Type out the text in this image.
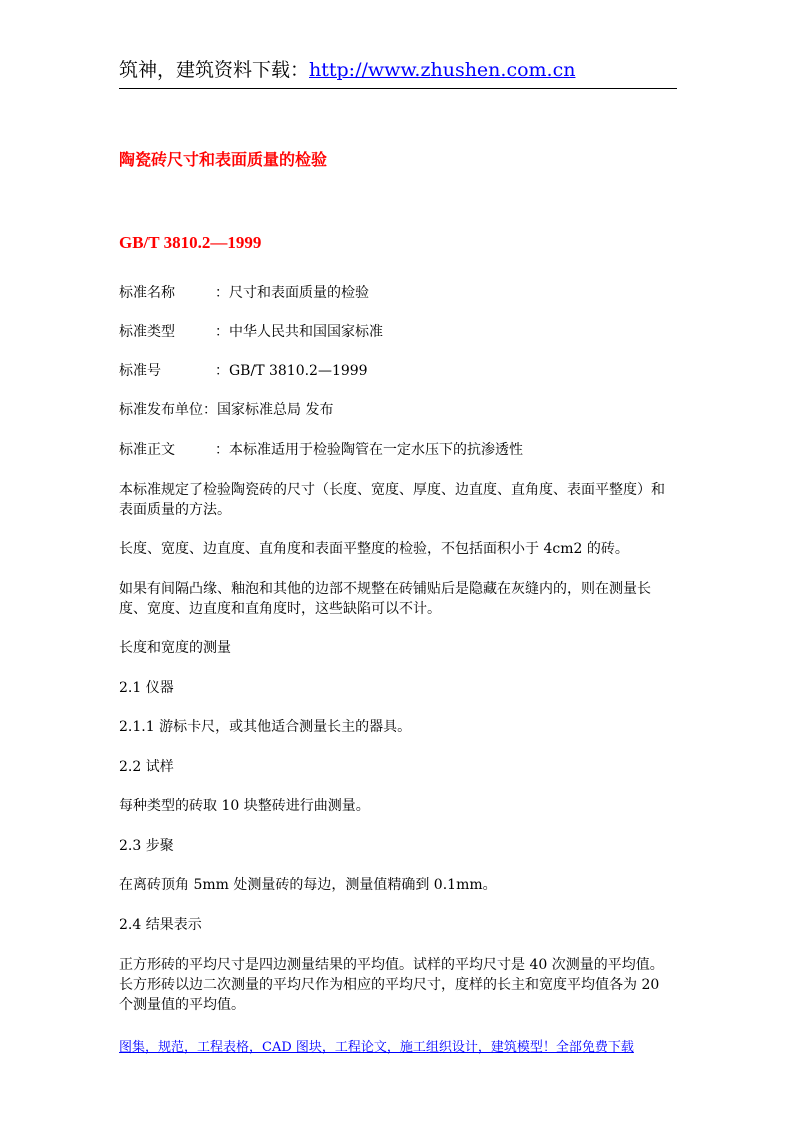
筑神，建筑资料下载：http://www.zhushen.com.cn
陶瓷砖尺寸和表面质量的检验
GB/T 3810.2—1999
标准名称	：尺寸和表面质量的检验
标准类型	：中华人民共和国国家标准
标准号	：GB/T 3810.2—1999
标准发布单位：国家标准总局 发布
标准正文	：本标准适用于检验陶管在一定水压下的抗渗透性
本标准规定了检验陶瓷砖的尺寸（长度、宽度、厚度、边直度、直角度、表面平整度）和表面质量的方法。
长度、宽度、边直度、直角度和表面平整度的检验，不包括面积小于 4cm2 的砖。
如果有间隔凸缘、釉泡和其他的边部不规整在砖铺贴后是隐藏在灰缝内的，则在测量长度、宽度、边直度和直角度时，这些缺陷可以不计。
长度和宽度的测量
2.1 仪器
2.1.1 游标卡尺，或其他适合测量长主的器具。
2.2 试样
每种类型的砖取 10 块整砖进行曲测量。
2.3 步聚
在离砖顶角 5mm 处测量砖的每边，测量值精确到 0.1mm。
2.4 结果表示
正方形砖的平均尺寸是四边测量结果的平均值。试样的平均尺寸是 40 次测量的平均值。长方形砖以边二次测量的平均尺作为相应的平均尺寸，度样的长主和宽度平均值各为 20 个测量值的平均值。
图集，规范，工程表格，CAD 图块，工程论文，施工组织设计，建筑模型！全部免费下载
